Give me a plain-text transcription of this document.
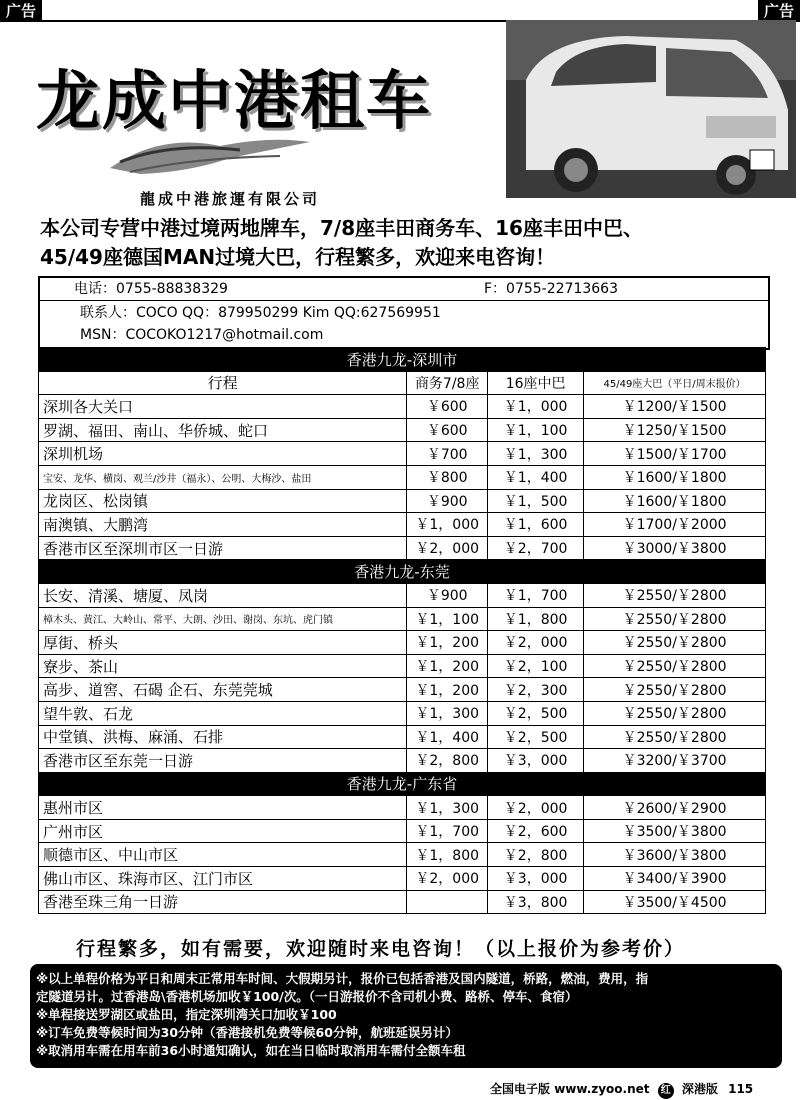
广告	广告
龙成中港租车
龍成中港旅運有限公司
本公司专营中港过境两地牌车，7/8座丰田商务车、16座丰田中巴、
45/49座德国MAN过境大巴，行程繁多，欢迎来电咨询！
电话：0755-88838329	F：0755-22713663
联系人：COCO QQ：879950299 Kim QQ:627569951
MSN：COCOKO1217@hotmail.com
香港九龙-深圳市			
行程	商务7/8座	16座中巴	45/49座大巴（平日/周末报价）
深圳各大关口	￥600	￥1，000	￥1200/￥1500
罗湖、福田、南山、华侨城、蛇口	￥600	￥1，100	￥1250/￥1500
深圳机场	￥700	￥1，300	￥1500/￥1700
宝安、龙华、横岗、观兰/沙井（福永）、公明、大梅沙、盐田	￥800	￥1，400	￥1600/￥1800
龙岗区、松岗镇	￥900	￥1，500	￥1600/￥1800
南澳镇、大鹏湾	￥1，000	￥1，600	￥1700/￥2000
香港市区至深圳市区一日游	￥2，000	￥2，700	￥3000/￥3800
香港九龙-东莞			
长安、清溪、塘厦、凤岗	￥900	￥1，700	￥2550/￥2800
樟木头、黄江、大岭山、常平、大朗、沙田、谢岗、东坑、虎门镇	￥1，100	￥1，800	￥2550/￥2800
厚街、桥头	￥1，200	￥2，000	￥2550/￥2800
寮步、茶山	￥1，200	￥2，100	￥2550/￥2800
高步、道窖、石碣 企石、东莞莞城	￥1，200	￥2，300	￥2550/￥2800
望牛敦、石龙	￥1，300	￥2，500	￥2550/￥2800
中堂镇、洪梅、麻涌、石排	￥1，400	￥2，500	￥2550/￥2800
香港市区至东莞一日游	￥2，800	￥3，000	￥3200/￥3700
香港九龙-广东省			
惠州市区	￥1，300	￥2，000	￥2600/￥2900
广州市区	￥1，700	￥2，600	￥3500/￥3800
顺德市区、中山市区	￥1，800	￥2，800	￥3600/￥3800
佛山市区、珠海市区、江门市区	￥2，000	￥3，000	￥3400/￥3900
香港至珠三角一日游		￥3，800	￥3500/￥4500
行程繁多，如有需要，欢迎随时来电咨询！（以上报价为参考价）
※以上单程价格为平日和周末正常用车时间、大假期另计，报价已包括香港及国内隧道，桥路，燃油，费用，指
定隧道另计。过香港岛\香港机场加收￥100/次。（一日游报价不含司机小费、路桥、停车、食宿）
※单程接送罗湖区或盐田，指定深圳湾关口加收￥100
※订车免费等候时间为30分钟（香港接机免费等候60分钟，航班延误另计）
※取消用车需在用车前36小时通知确认，如在当日临时取消用车需付全额车租
全国电子版 www.zyoo.net 红 深港版 115
